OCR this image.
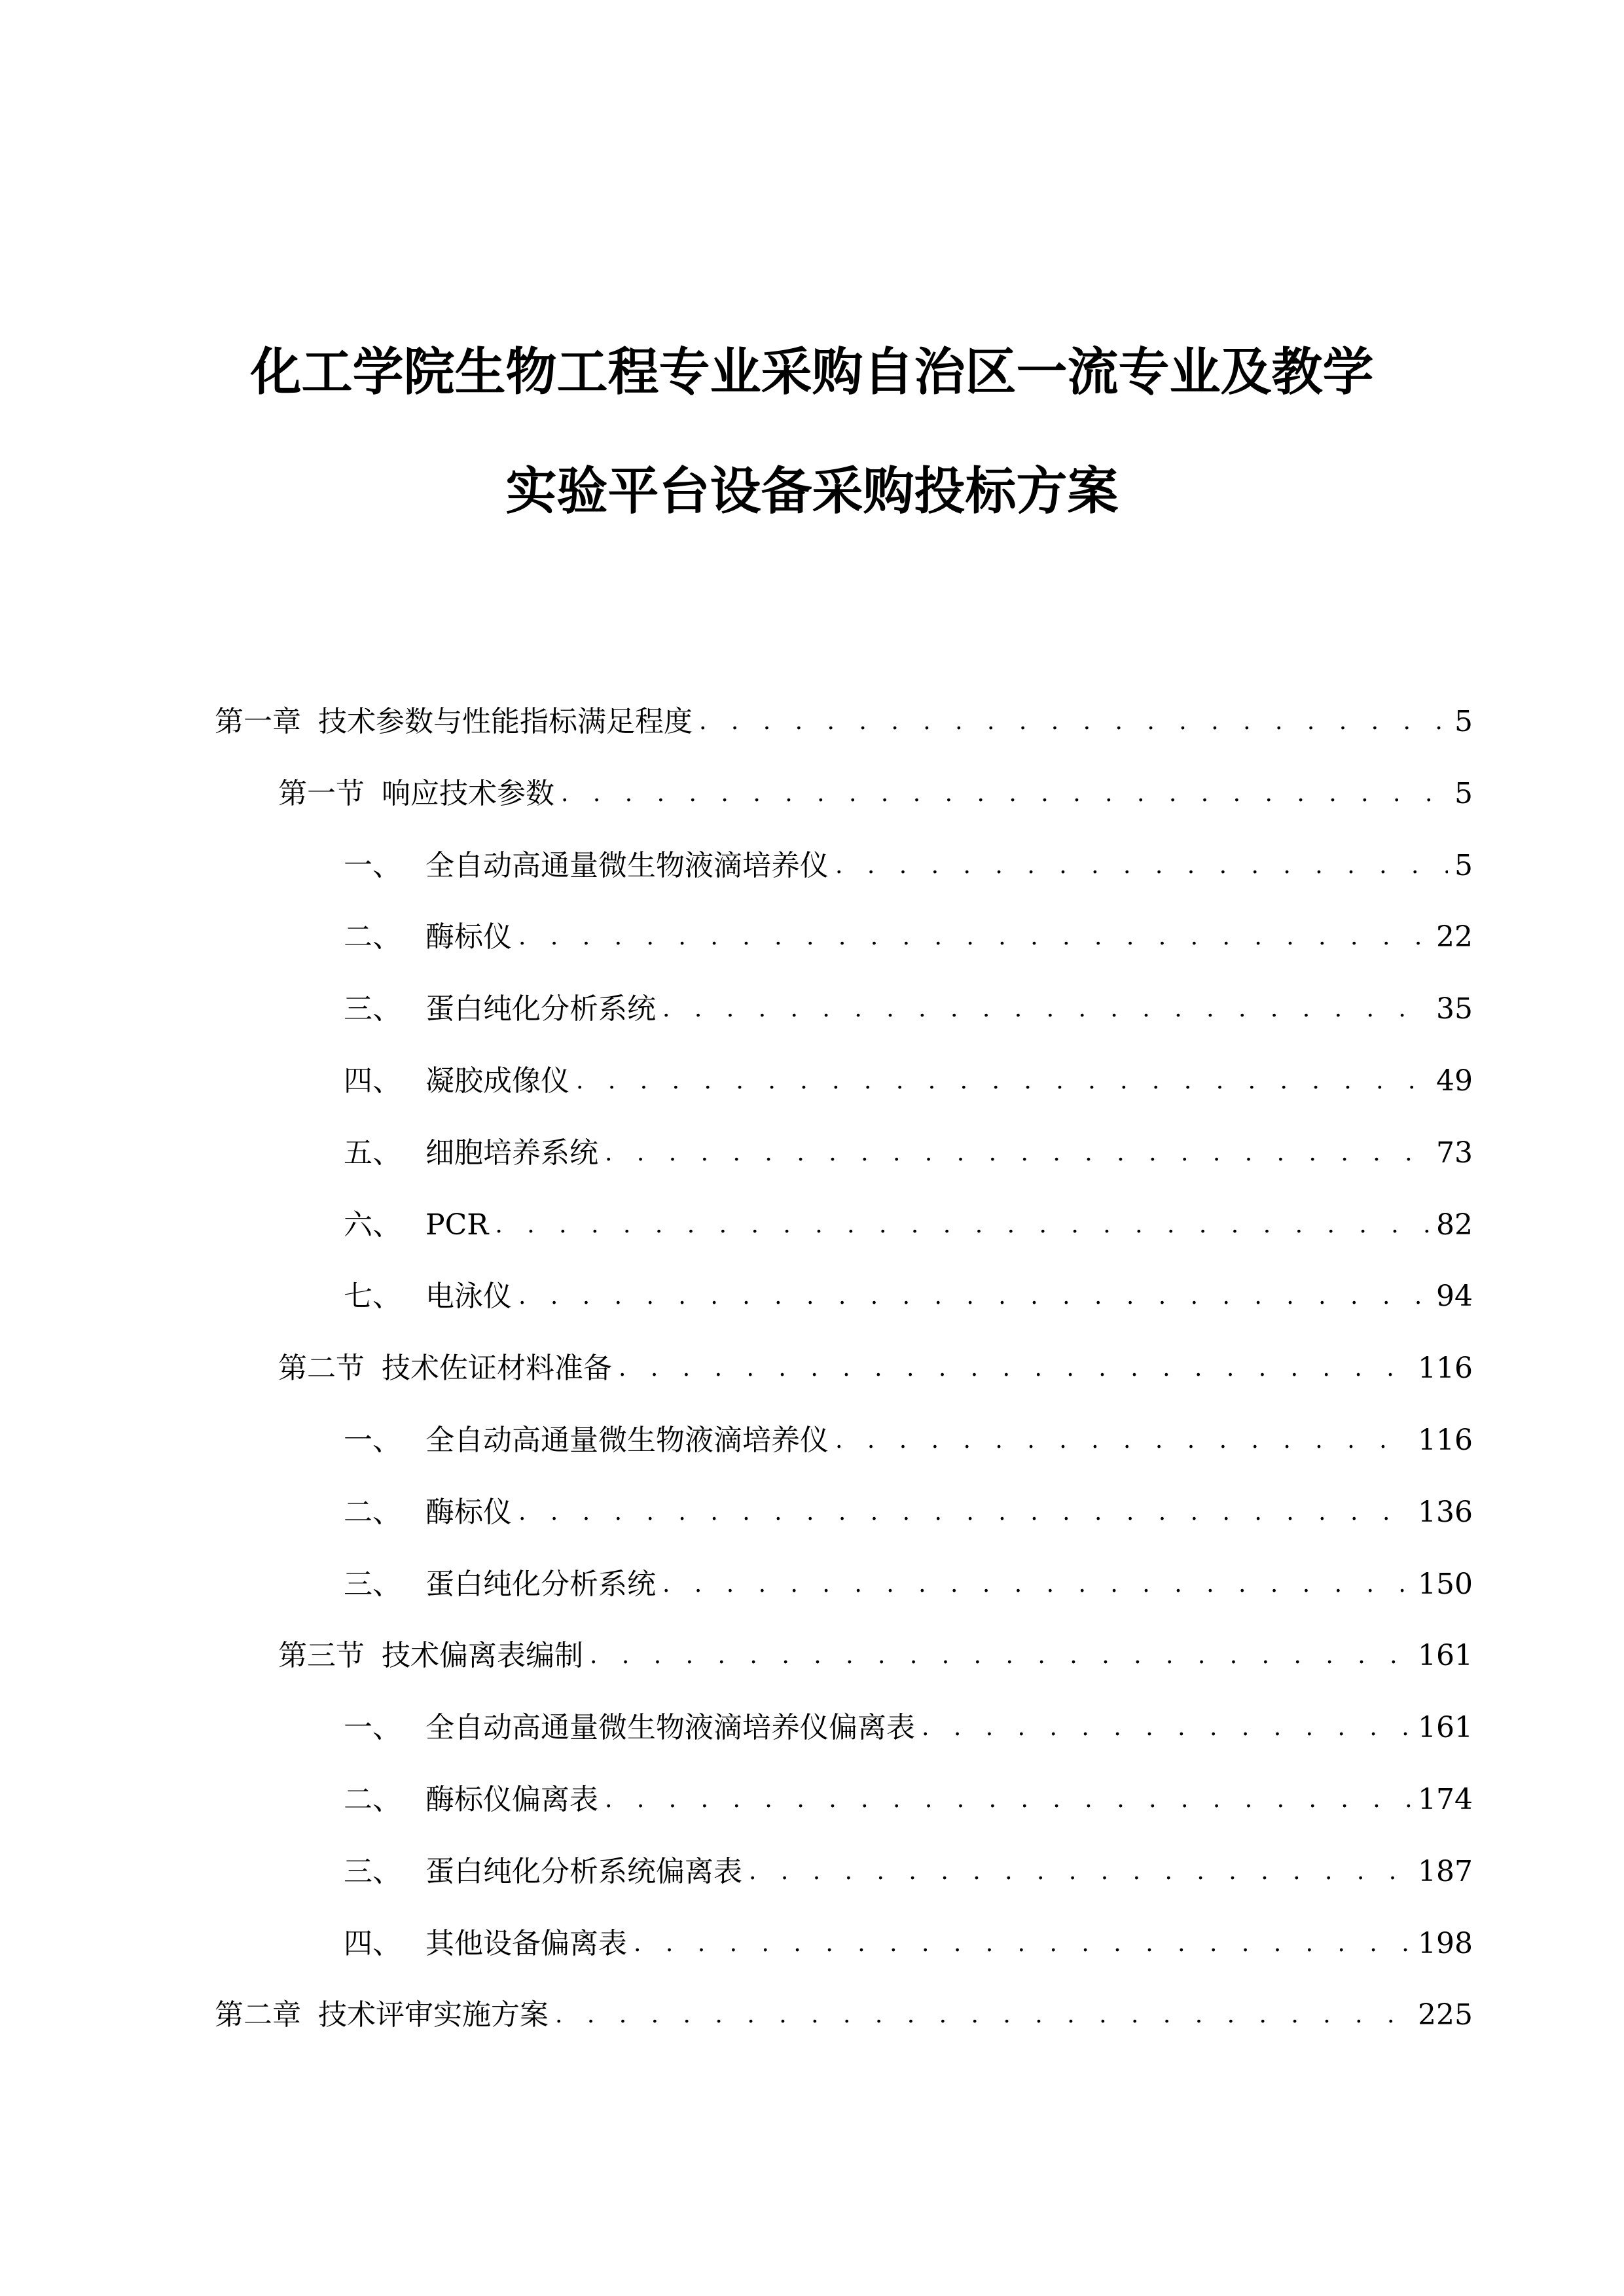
化工学院生物工程专业采购自治区一流专业及教学
实验平台设备采购投标方案
第一章 技术参数与性能指标满足程度 . . .	5
第一节 响应技术参数 . . .	5
一、 全自动高通量微生物液滴培养仪 . . .	5
二、 酶标仪 . . .	22
三、 蛋白纯化分析系统 . . .	35
四、 凝胶成像仪 . . .	49
五、 细胞培养系统 . . .	73
六、 PCR . . .	82
七、 电泳仪 . . .	94
第二节 技术佐证材料准备 . . .	116
一、 全自动高通量微生物液滴培养仪 . . .	116
二、 酶标仪 . . .	136
三、 蛋白纯化分析系统 . . .	150
第三节 技术偏离表编制 . . .	161
一、 全自动高通量微生物液滴培养仪偏离表 . . .	161
二、 酶标仪偏离表 . . .	174
三、 蛋白纯化分析系统偏离表 . . .	187
四、 其他设备偏离表 . . .	198
第二章 技术评审实施方案 . . .	225
